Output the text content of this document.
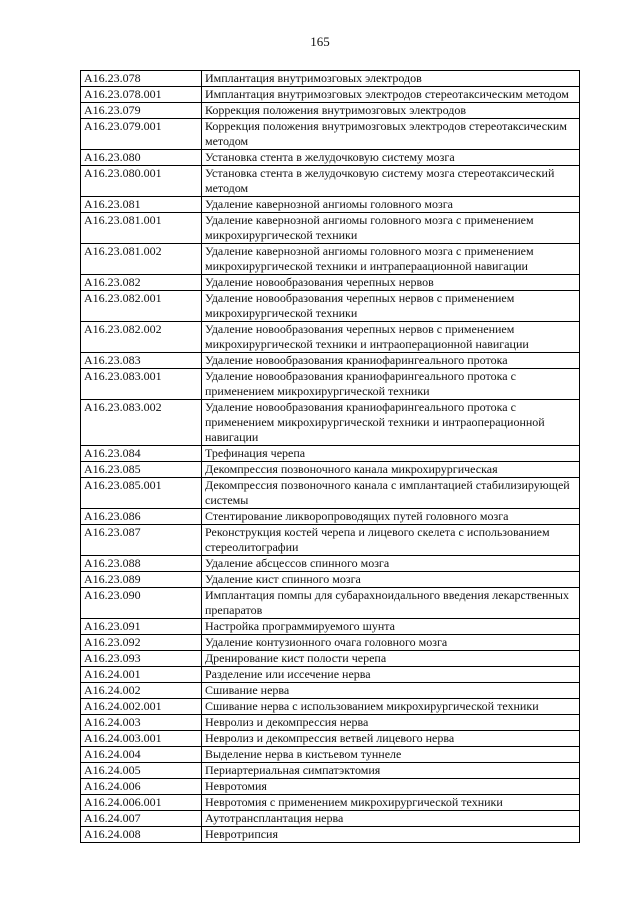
165
A16.23.078	Имплантация внутримозговых электродов
A16.23.078.001	Имплантация внутримозговых электродов стереотаксическим методом
A16.23.079	Коррекция положения внутримозговых электродов
A16.23.079.001	Коррекция положения внутримозговых электродов стереотаксическим методом
A16.23.080	Установка стента в желудочковую систему мозга
A16.23.080.001	Установка стента в желудочковую систему мозга стереотаксический методом
A16.23.081	Удаление кавернозной ангиомы головного мозга
A16.23.081.001	Удаление кавернозной ангиомы головного мозга с применением микрохирургической техники
A16.23.081.002	Удаление кавернозной ангиомы головного мозга с применением микрохирургической техники и интрапераационной навигации
A16.23.082	Удаление новообразования черепных нервов
A16.23.082.001	Удаление новообразования черепных нервов с применением микрохирургической техники
A16.23.082.002	Удаление новообразования черепных нервов с применением микрохирургической техники и интраоперационной навигации
A16.23.083	Удаление новообразования краниофарингеального протока
A16.23.083.001	Удаление новообразования краниофарингеального протока с применением микрохирургической техники
A16.23.083.002	Удаление новообразования краниофарингеального протока с применением микрохирургической техники и интраоперационной навигации
A16.23.084	Трефинация черепа
A16.23.085	Декомпрессия позвоночного канала микрохирургическая
A16.23.085.001	Декомпрессия позвоночного канала с имплантацией стабилизирующей системы
A16.23.086	Стентирование ликворопроводящих путей головного мозга
A16.23.087	Реконструкция костей черепа и лицевого скелета с использованием стереолитографии
A16.23.088	Удаление абсцессов спинного мозга
A16.23.089	Удаление кист спинного мозга
A16.23.090	Имплантация помпы для субарахноидального введения лекарственных препаратов
A16.23.091	Настройка программируемого шунта
A16.23.092	Удаление контузионного очага головного мозга
A16.23.093	Дренирование кист полости черепа
A16.24.001	Разделение или иссечение нерва
A16.24.002	Сшивание нерва
A16.24.002.001	Сшивание нерва с использованием микрохирургической техники
A16.24.003	Невролиз и декомпрессия нерва
A16.24.003.001	Невролиз и декомпрессия ветвей лицевого нерва
A16.24.004	Выделение нерва в кистьевом туннеле
A16.24.005	Периартериальная симпатэктомия
A16.24.006	Невротомия
A16.24.006.001	Невротомия с применением микрохирургической техники
A16.24.007	Аутотрансплантация нерва
A16.24.008	Невротрипсия
